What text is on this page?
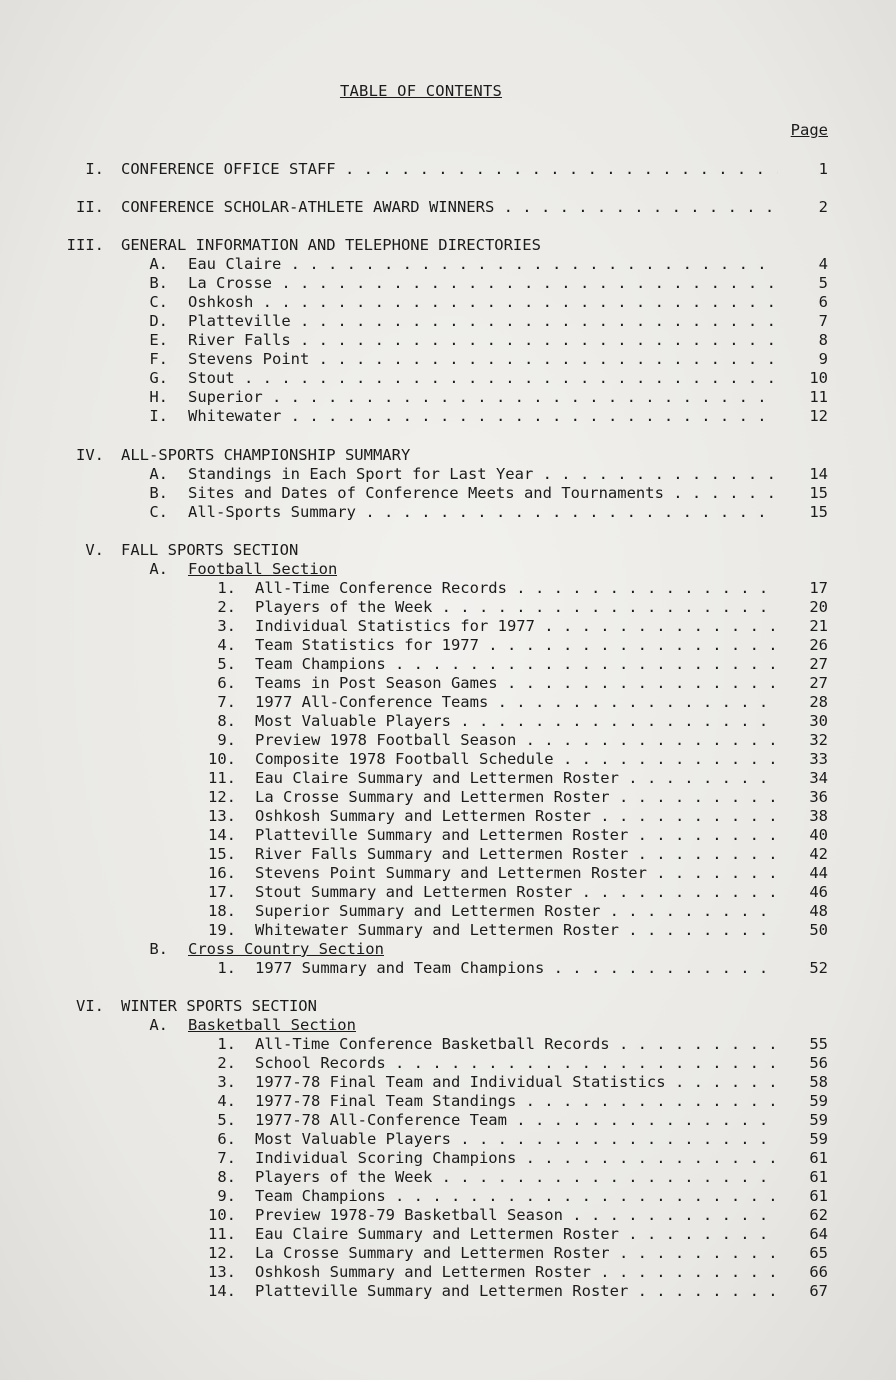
TABLE OF CONTENTS
Page
I. CONFERENCE OFFICE STAFF . . .	1
II. CONFERENCE SCHOLAR-ATHLETE AWARD WINNERS . . .	2
III. GENERAL INFORMATION AND TELEPHONE DIRECTORIES
A. Eau Claire . . .	4
B. La Crosse . . .	5
C. Oshkosh . . .	6
D. Platteville . . .	7
E. River Falls . . .	8
F. Stevens Point . . .	9
G. Stout . . .	10
H. Superior . . .	11
I. Whitewater . . .	12
IV. ALL-SPORTS CHAMPIONSHIP SUMMARY
A. Standings in Each Sport for Last Year . . .	14
B. Sites and Dates of Conference Meets and Tournaments . . .	15
C. All-Sports Summary . . .	15
V. FALL SPORTS SECTION
A. Football Section
1. All-Time Conference Records . . .	17
2. Players of the Week . . .	20
3. Individual Statistics for 1977 . . .	21
4. Team Statistics for 1977 . . .	26
5. Team Champions . . .	27
6. Teams in Post Season Games . . .	27
7. 1977 All-Conference Teams . . .	28
8. Most Valuable Players . . .	30
9. Preview 1978 Football Season . . .	32
10. Composite 1978 Football Schedule . . .	33
11. Eau Claire Summary and Lettermen Roster . . .	34
12. La Crosse Summary and Lettermen Roster . . .	36
13. Oshkosh Summary and Lettermen Roster . . .	38
14. Platteville Summary and Lettermen Roster . . .	40
15. River Falls Summary and Lettermen Roster . . .	42
16. Stevens Point Summary and Lettermen Roster . . .	44
17. Stout Summary and Lettermen Roster . . .	46
18. Superior Summary and Lettermen Roster . . .	48
19. Whitewater Summary and Lettermen Roster . . .	50
B. Cross Country Section
1. 1977 Summary and Team Champions . . .	52
VI. WINTER SPORTS SECTION
A. Basketball Section
1. All-Time Conference Basketball Records . . .	55
2. School Records . . .	56
3. 1977-78 Final Team and Individual Statistics . . .	58
4. 1977-78 Final Team Standings . . .	59
5. 1977-78 All-Conference Team . . .	59
6. Most Valuable Players . . .	59
7. Individual Scoring Champions . . .	61
8. Players of the Week . . .	61
9. Team Champions . . .	61
10. Preview 1978-79 Basketball Season . . .	62
11. Eau Claire Summary and Lettermen Roster . . .	64
12. La Crosse Summary and Lettermen Roster . . .	65
13. Oshkosh Summary and Lettermen Roster . . .	66
14. Platteville Summary and Lettermen Roster . . .	67
